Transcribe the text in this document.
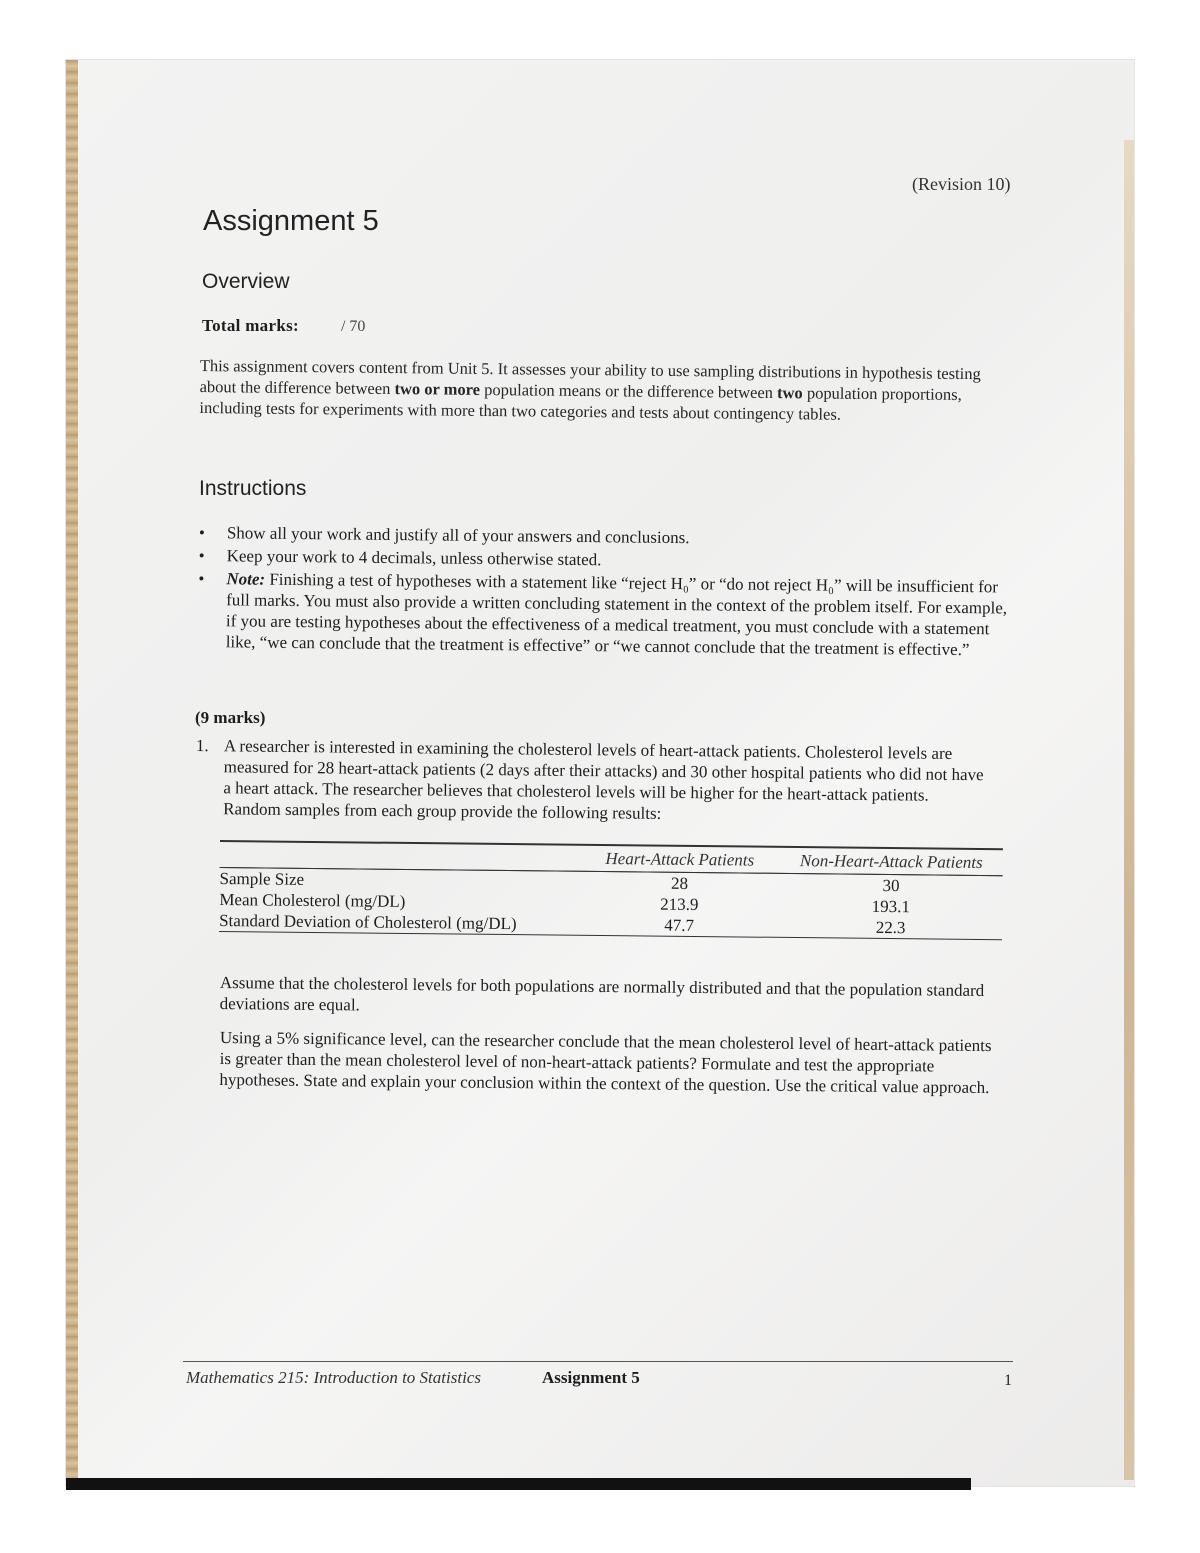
(Revision 10)
Assignment 5
Overview
Total marks:	/ 70
This assignment covers content from Unit 5. It assesses your ability to use sampling distributions in hypothesis testing about the difference between two or more population means or the difference between two population proportions, including tests for experiments with more than two categories and tests about contingency tables.
Instructions
• Show all your work and justify all of your answers and conclusions.
• Keep your work to 4 decimals, unless otherwise stated.
• Note: Finishing a test of hypotheses with a statement like “reject H₀” or “do not reject H₀” will be insufficient for full marks. You must also provide a written concluding statement in the context of the problem itself. For example, if you are testing hypotheses about the effectiveness of a medical treatment, you must conclude with a statement like, “we can conclude that the treatment is effective” or “we cannot conclude that the treatment is effective.”
(9 marks)
1. A researcher is interested in examining the cholesterol levels of heart-attack patients. Cholesterol levels are measured for 28 heart-attack patients (2 days after their attacks) and 30 other hospital patients who did not have a heart attack. The researcher believes that cholesterol levels will be higher for the heart-attack patients. Random samples from each group provide the following results:
	Heart-Attack Patients	Non-Heart-Attack Patients
Sample Size	28	30
Mean Cholesterol (mg/DL)	213.9	193.1
Standard Deviation of Cholesterol (mg/DL)	47.7	22.3
Assume that the cholesterol levels for both populations are normally distributed and that the population standard deviations are equal.
Using a 5% significance level, can the researcher conclude that the mean cholesterol level of heart-attack patients is greater than the mean cholesterol level of non-heart-attack patients? Formulate and test the appropriate hypotheses. State and explain your conclusion within the context of the question. Use the critical value approach.
Mathematics 215: Introduction to Statistics	Assignment 5	1
